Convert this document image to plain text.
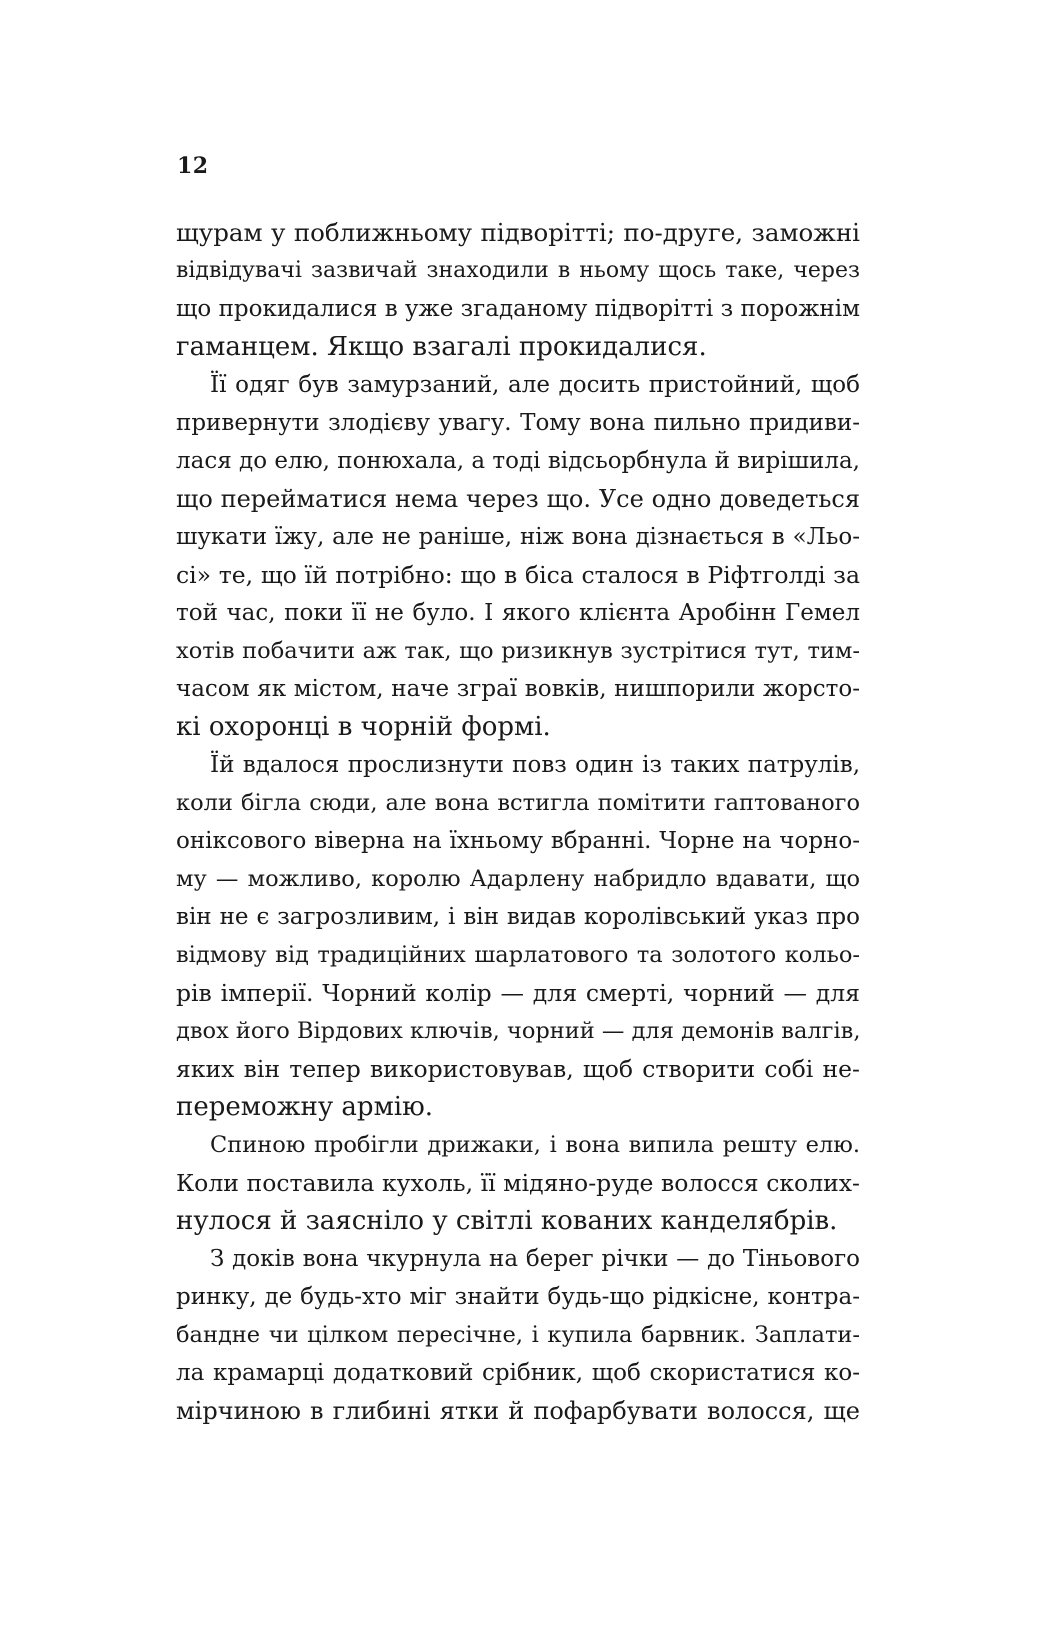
12
щурам у поближньому підворітті; по-друге, заможні
відвідувачі зазвичай знаходили в ньому щось таке, через
що прокидалися в уже згаданому підворітті з порожнім
гаманцем. Якщо взагалі прокидалися.
Її одяг був замурзаний, але досить пристойний, щоб
привернути злодієву увагу. Тому вона пильно придиви-
лася до елю, понюхала, а тоді відсьорбнула й вирішила,
що перейматися нема через що. Усе одно доведеться
шукати їжу, але не раніше, ніж вона дізнається в «Льо-
сі» те, що їй потрібно: що в біса сталося в Ріфтголді за
той час, поки її не було. І якого клієнта Аробінн Гемел
хотів побачити аж так, що ризикнув зустрітися тут, тим-
часом як містом, наче зграї вовків, нишпорили жорсто-
кі охоронці в чорній формі.
Їй вдалося прослизнути повз один із таких патрулів,
коли бігла сюди, але вона встигла помітити гаптованого
оніксового віверна на їхньому вбранні. Чорне на чорно-
му — можливо, королю Адарлену набридло вдавати, що
він не є загрозливим, і він видав королівський указ про
відмову від традиційних шарлатового та золотого кольо-
рів імперії. Чорний колір — для смерті, чорний — для
двох його Вірдових ключів, чорний — для демонів валгів,
яких він тепер використовував, щоб створити собі не-
переможну армію.
Спиною пробігли дрижаки, і вона випила решту елю.
Коли поставила кухоль, її мідяно-руде волосся сколих-
нулося й заясніло у світлі кованих канделябрів.
З доків вона чкурнула на берег річки — до Тіньового
ринку, де будь-хто міг знайти будь-що рідкісне, контра-
бандне чи цілком пересічне, і купила барвник. Заплати-
ла крамарці додатковий срібник, щоб скористатися ко-
мірчиною в глибині ятки й пофарбувати волосся, ще
